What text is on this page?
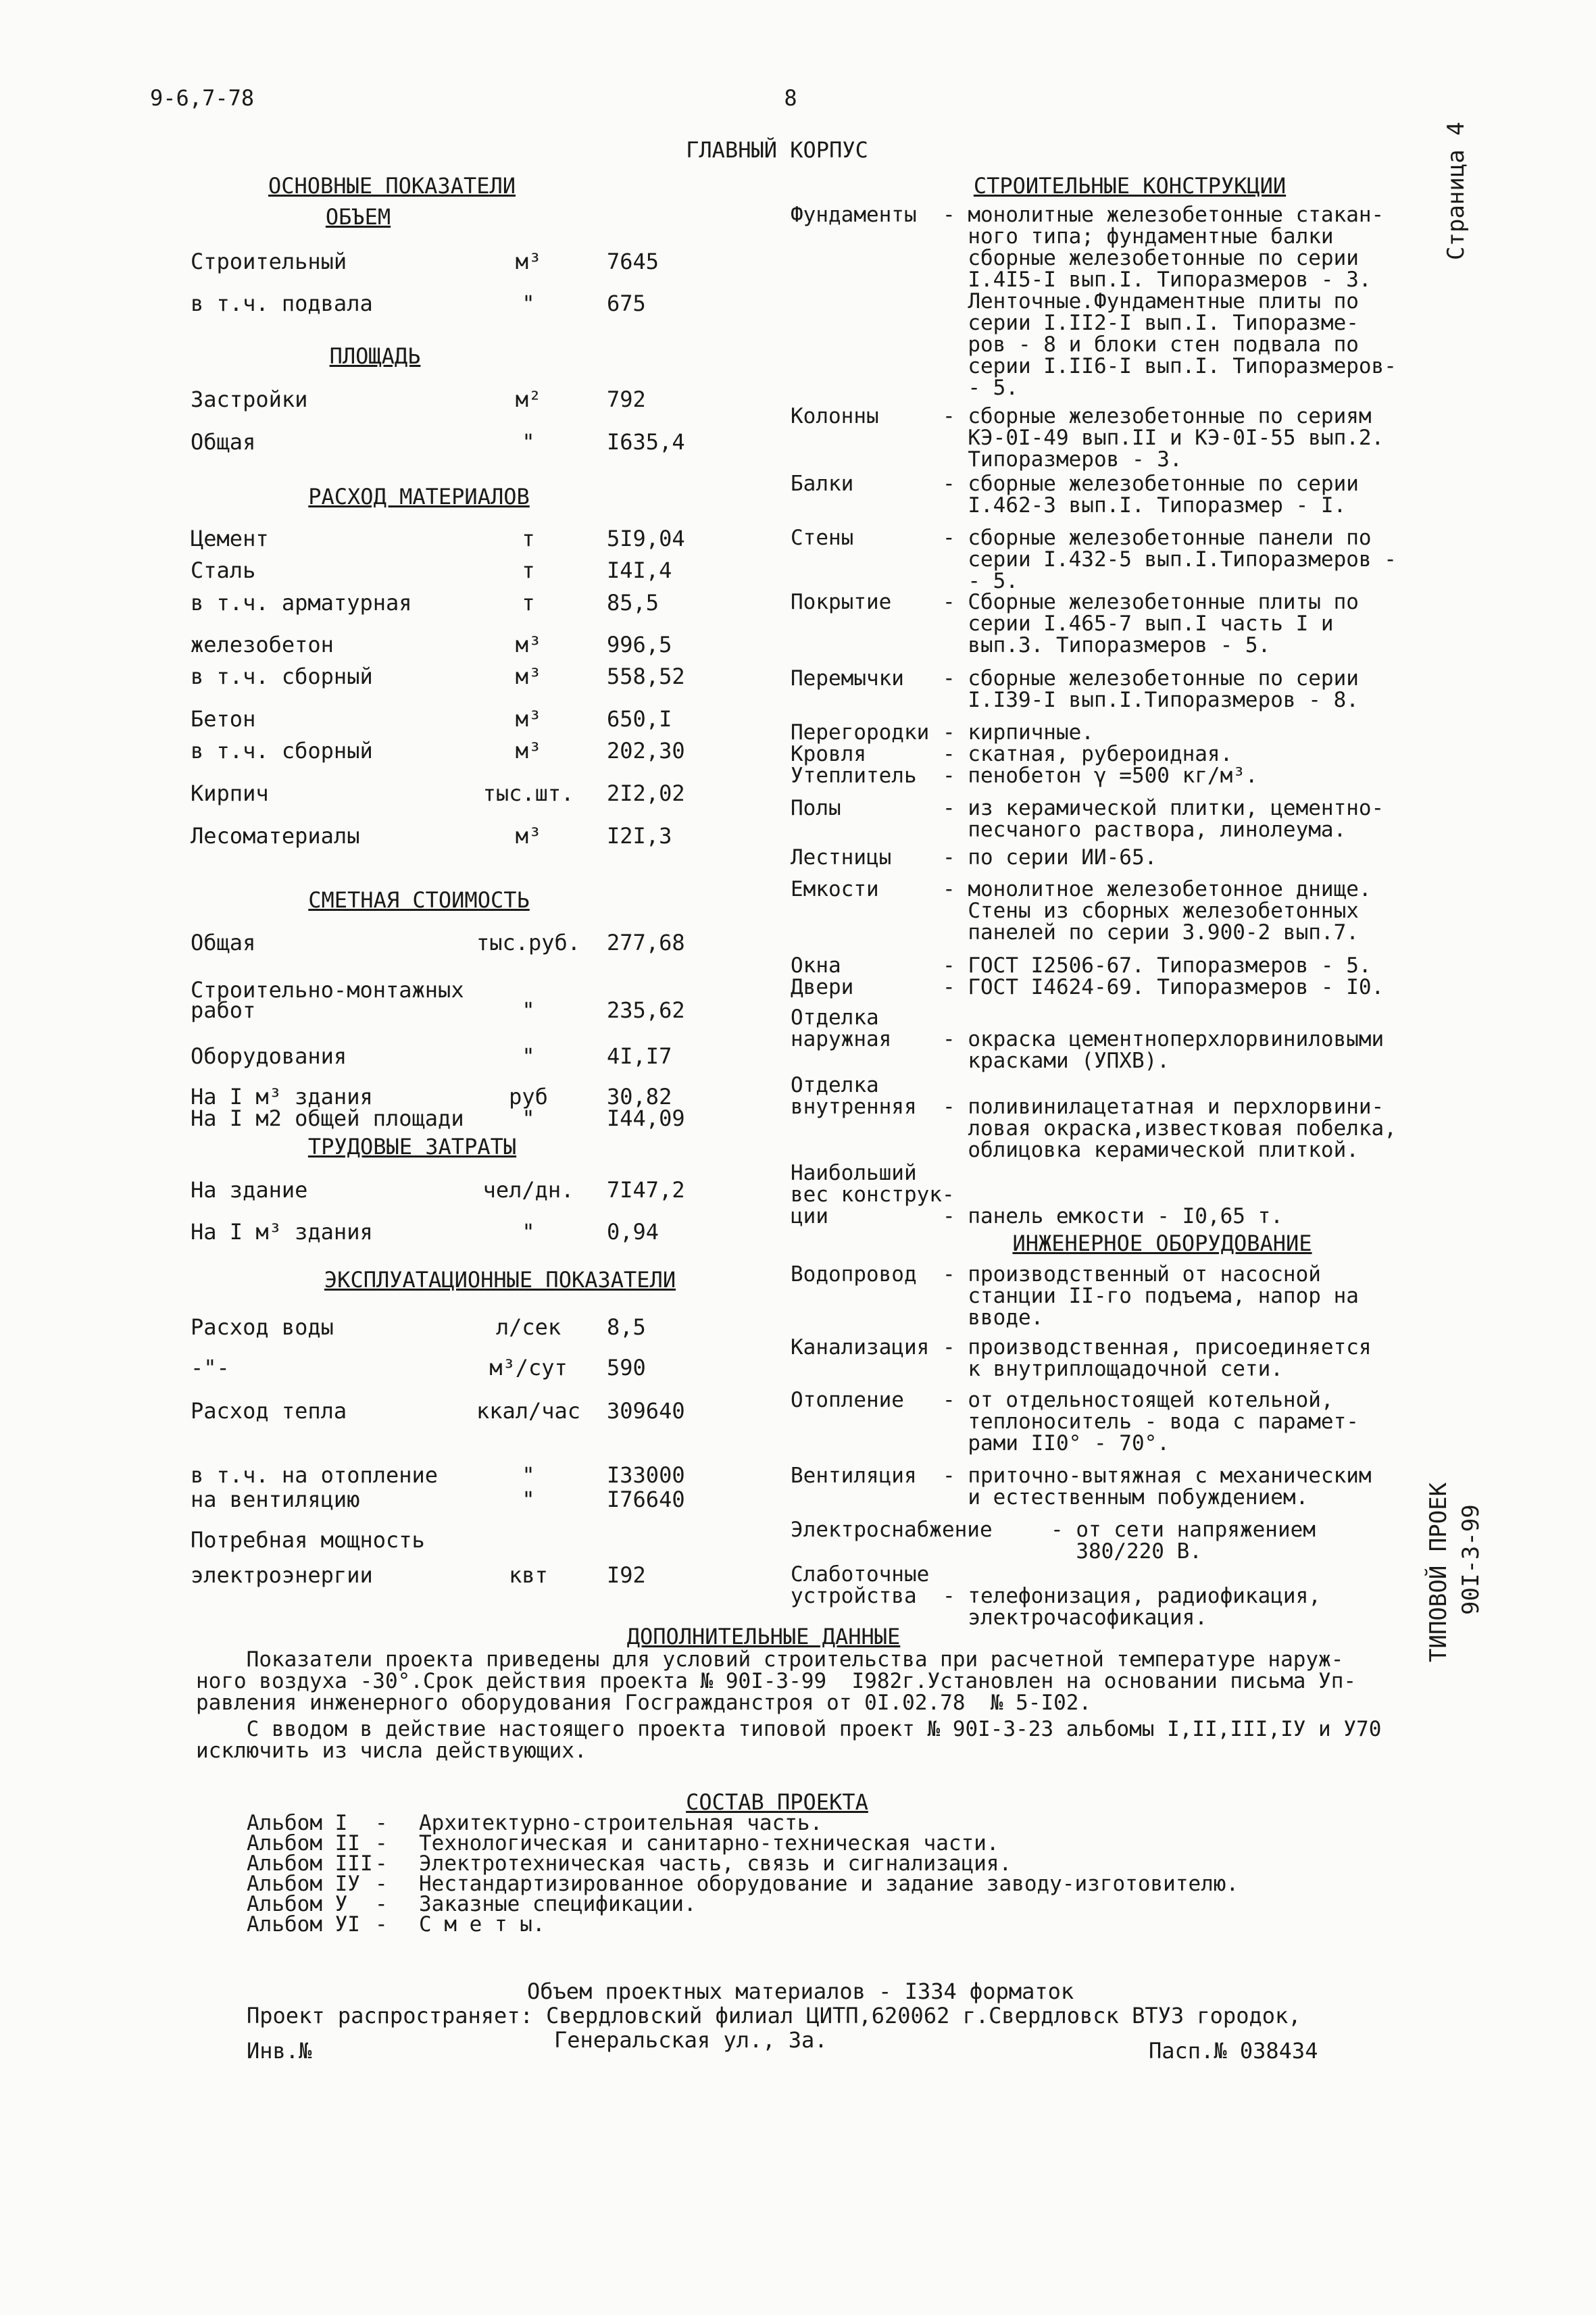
9-6,7-78	8
ГЛАВНЫЙ КОРПУС	Страница 4
ОСНОВНЫЕ ПОКАЗАТЕЛИ
ОБЪЕМ
ПЛОЩАДЬ
РАСХОД МАТЕРИАЛОВ
СМЕТНАЯ СТОИМОСТЬ
ТРУДОВЫЕ ЗАТРАТЫ
ЭКСПЛУАТАЦИОННЫЕ ПОКАЗАТЕЛИ
СТРОИТЕЛЬНЫЕ КОНСТРУКЦИИ
ИНЖЕНЕРНОЕ ОБОРУДОВАНИЕ
ТИПОВОЙ ПРОЕК 90I-3-99
ДОПОЛНИТЕЛЬНЫЕ ДАННЫЕ
Показатели проекта приведены для условий строительства при расчетной температуре наруж-
ного воздуха -30°.Срок действия проекта № 90I-3-99  I982г.Установлен на основании письма Уп-
равления инженерного оборудования Госгражданстроя от 0I.02.78  № 5-I02.
С вводом в действие настоящего проекта типовой проект № 90I-3-23 альбомы I,II,III,IУ и У70
исключить из числа действующих.
СОСТАВ ПРОЕКТА
Объем проектных материалов - I334 форматок
Проект распространяет: Свердловский филиал ЦИТП,620062 г.Свердловск ВТУЗ городок,
Генеральская ул., 3а.
Инв.№	Пасп.№ 038434
Строительный	м³	7645
в т.ч. подвала	"	675
Застройки	м²	792
Общая	"	I635,4
Цемент	т	5I9,04
Сталь	т	I4I,4
в т.ч. арматурная	т	85,5
железобетон	м³	996,5
в т.ч. сборный	м³	558,52
Бетон	м³	650,I
в т.ч. сборный	м³	202,30
Кирпич	тыс.шт. 2I2,02
Лесоматериалы	м³	I2I,3
Общая	тыс.руб. 277,68
Строительно-монтажных
работ	"	235,62
Оборудования	"	4I,I7
На I м³ здания	руб	30,82
На I м2 общей площади	"	I44,09
На здание	чел/дн. 7I47,2
На I м³ здания	"	0,94
Расход воды	л/сек 8,5
-"-	м³/сут 590
Расход тепла	ккал/час 309640
в т.ч. на отопление	"	I33000
на вентиляцию	"	I76640
Потребная мощность
электроэнергии	квт	I92
Фундаменты - монолитные железобетонные стакан-
ного типа; фундаментные балки
сборные железобетонные по серии
I.4I5-I вып.I. Типоразмеров - 3.
Ленточные.Фундаментные плиты по
серии I.II2-I вып.I. Типоразме-
ров - 8 и блоки стен подвала по
серии I.II6-I вып.I. Типоразмеров-
- 5.
Колонны	- сборные железобетонные по сериям
КЭ-0I-49 вып.II и КЭ-0I-55 вып.2.
Типоразмеров - 3.
Балки	- сборные железобетонные по серии
I.462-3 вып.I. Типоразмер - I.
Стены	- сборные железобетонные панели по
серии I.432-5 вып.I.Типоразмеров -
- 5.
Покрытие - Сборные железобетонные плиты по
серии I.465-7 вып.I часть I и
вып.3. Типоразмеров - 5.
Перемычки - сборные железобетонные по серии
I.I39-I вып.I.Типоразмеров - 8.
Перегородки - кирпичные.
Кровля	- скатная, рубероидная.
Утеплитель - пенобетон γ =500 кг/м³.
Полы	- из керамической плитки, цементно-
песчаного раствора, линолеума.
Лестницы - по серии ИИ-65.
Емкости	- монолитное железобетонное днище.
Стены из сборных железобетонных
панелей по серии 3.900-2 вып.7.
Окна	- ГОСТ I2506-67. Типоразмеров - 5.
Двери	- ГОСТ I4624-69. Типоразмеров - I0.
Отделка
наружная - окраска цементноперхлорвиниловыми
красками (УПХВ).
Отделка
внутренняя - поливинилацетатная и перхлорвини-
ловая окраска,известковая побелка,
облицовка керамической плиткой.
Наибольший
вес конструк-
ции	- панель емкости - I0,65 т.
Водопровод - производственный от насосной
станции II-го подъема, напор на
вводе.
Канализация - производственная, присоединяется
к внутриплощадочной сети.
Отопление - от отдельностоящей котельной,
теплоноситель - вода с парамет-
рами II0° - 70°.
Вентиляция - приточно-вытяжная с механическим
и естественным побуждением.
Электроснабжение	- от сети напряжением
380/220 В.
Слаботочные
устройства	- телефонизация, радиофикация,
электрочасофикация.
Альбом I - Архитектурно-строительная часть.
Альбом II - Технологическая и санитарно-техническая части.
Альбом III - Электротехническая часть, связь и сигнализация.
Альбом IУ - Нестандартизированное оборудование и задание заводу-изготовителю.
Альбом У - Заказные спецификации.
Альбом УI - С м е т ы.
